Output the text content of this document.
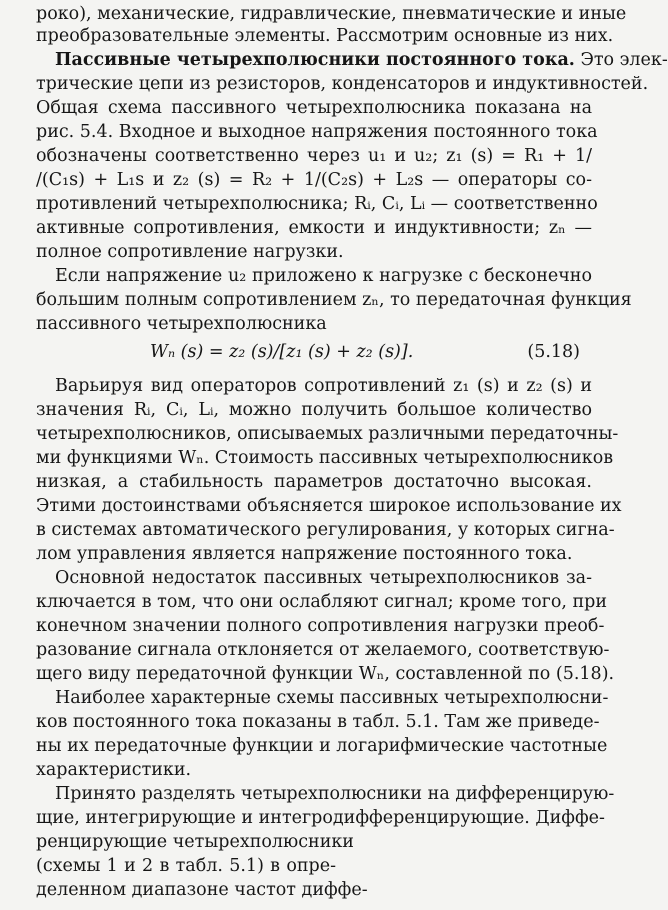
роко), механические, гидравлические, пневматические и иные
преобразовательные элементы. Рассмотрим основные из них.
Пассивные четырехполюсники постоянного тока. Это элек-
трические цепи из резисторов, конденсаторов и индуктивностей.
Общая схема пассивного четырехполюсника показана на
рис. 5.4. Входное и выходное напряжения постоянного тока
обозначены соответственно через u₁ и u₂; z₁ (s) = R₁ + 1/
/(C₁s) + L₁s и z₂ (s) = R₂ + 1/(C₂s) + L₂s — операторы со-
противлений четырехполюсника; Rᵢ, Cᵢ, Lᵢ — соответственно
активные сопротивления, емкости и индуктивности; zₙ —
полное сопротивление нагрузки.
Если напряжение u₂ приложено к нагрузке с бесконечно
большим полным сопротивлением zₙ, то передаточная функция
пассивного четырехполюсника
Wₙ (s) = z₂ (s)/[z₁ (s) + z₂ (s)].	(5.18)
Варьируя вид операторов сопротивлений z₁ (s) и z₂ (s) и
значения Rᵢ, Cᵢ, Lᵢ, можно получить большое количество
четырехполюсников, описываемых различными передаточны-
ми функциями Wₙ. Стоимость пассивных четырехполюсников
низкая, а стабильность параметров достаточно высокая.
Этими достоинствами объясняется широкое использование их
в системах автоматического регулирования, у которых сигна-
лом управления является напряжение постоянного тока.
Основной недостаток пассивных четырехполюсников за-
ключается в том, что они ослабляют сигнал; кроме того, при
конечном значении полного сопротивления нагрузки преоб-
разование сигнала отклоняется от желаемого, соответствую-
щего виду передаточной функции Wₙ, составленной по (5.18).
Наиболее характерные схемы пассивных четырехполюсни-
ков постоянного тока показаны в табл. 5.1. Там же приведе-
ны их передаточные функции и логарифмические частотные
характеристики.
Принято разделять четырехполюсники на дифференцирую-
щие, интегрирующие и интегродифференцирующие. Диффе-
ренцирующие четырехполюсники
(схемы 1 и 2 в табл. 5.1) в опре-
деленном диапазоне частот диффе-
